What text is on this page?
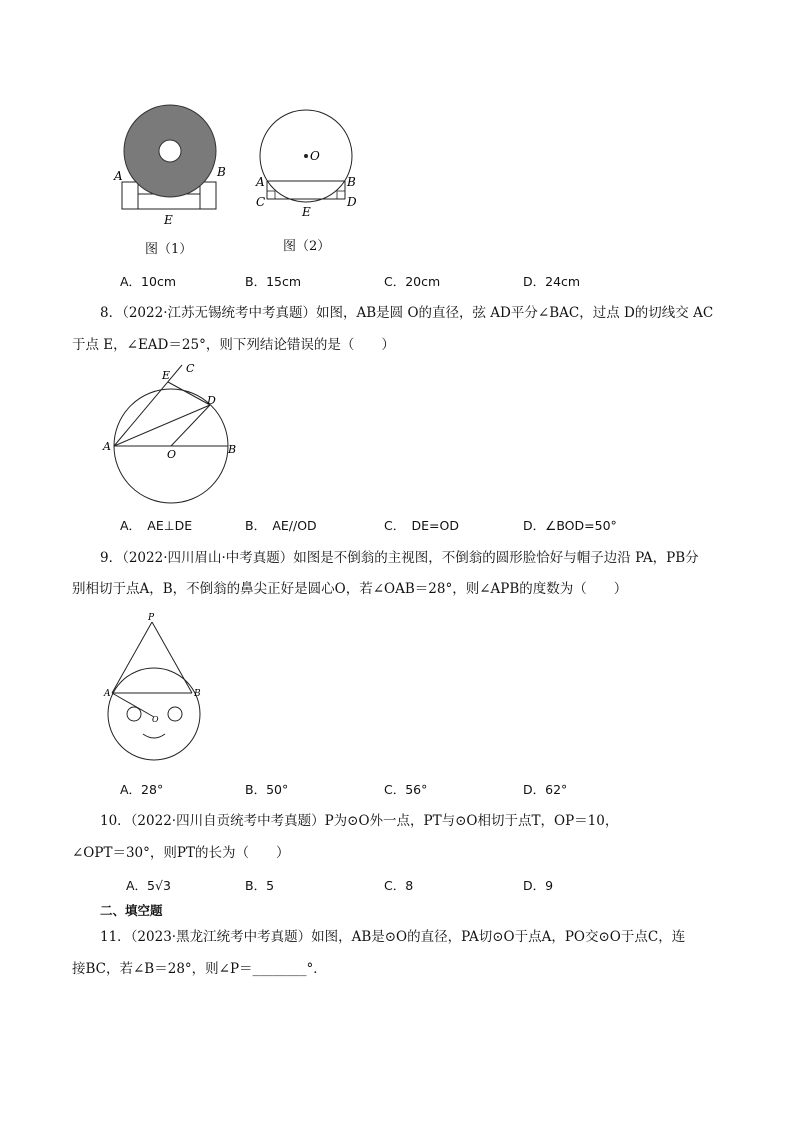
A	B
E
图（1）
O
A	B
C	D
E
图（2）
A．10cm	B．15cm	C．20cm	D．24cm
8．（2022·江苏无锡统考中考真题）如图，AB是圆 O的直径，弦 AD平分∠BAC，过点 D的切线交 AC
于点 E，∠EAD＝25°，则下列结论错误的是（　　）
E
C
D
A
O	B
A．　AE⊥DE	B．　AE//OD	C．　DE=OD	D．∠BOD=50°
9．（2022·四川眉山·中考真题）如图是不倒翁的主视图，不倒翁的圆形脸恰好与帽子边沿 PA，PB分
别相切于点A，B，不倒翁的鼻尖正好是圆心O，若∠OAB＝28°，则∠APB的度数为（　　）
P
A	B
O
A．28°	B．50°	C．56°	D．62°
10．（2022·四川自贡统考中考真题）P为⊙O外一点，PT与⊙O相切于点T，OP＝10，
∠OPT＝30°，则PT的长为（　　）
A．5√3	B．5	C．8	D．9
二、填空题
11．（2023·黑龙江统考中考真题）如图，AB是⊙O的直径，PA切⊙O于点A，PO交⊙O于点C，连
接BC，若∠B＝28°，则∠P＝________°．
